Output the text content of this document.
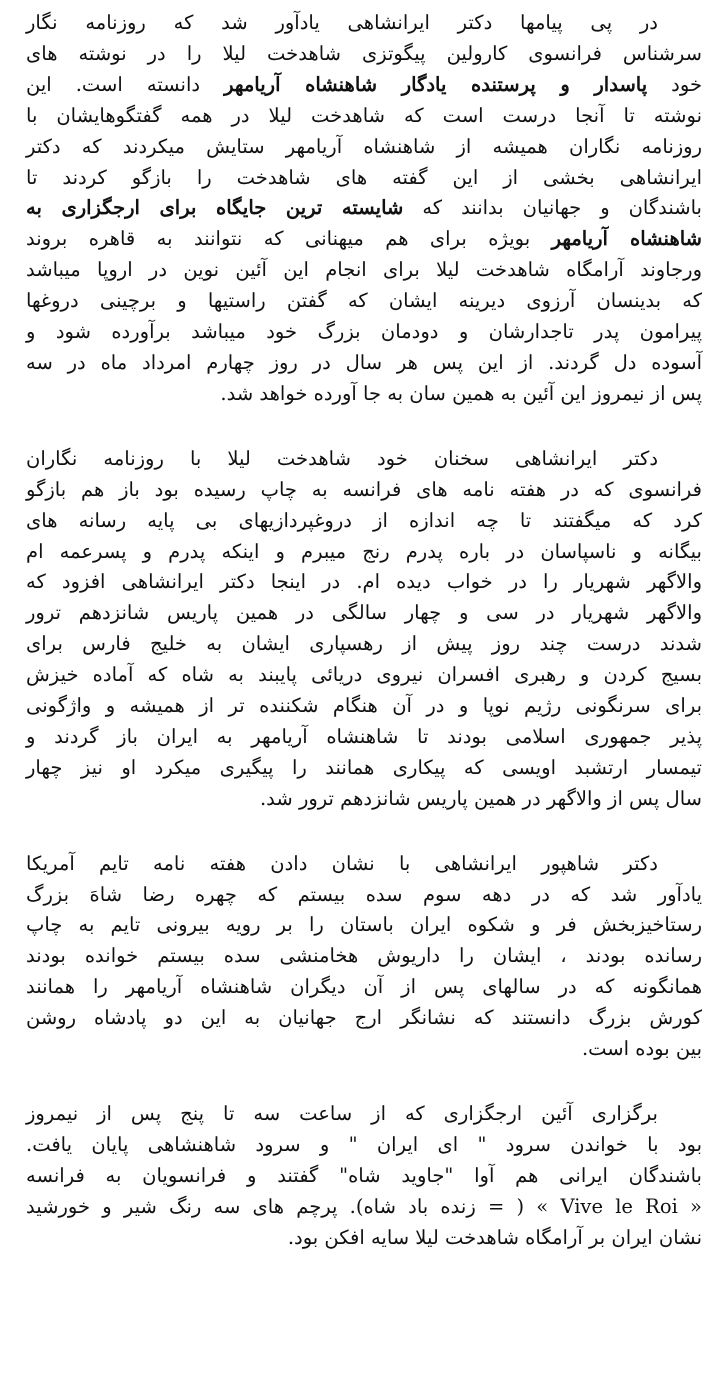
در پی پیامها دکتر ایرانشاهی یادآور شد که روزنامه نگار
سرشناس فرانسوی کارولین پیگوتزی شاهدخت لیلا را در نوشته های
خود پاسدار و پرستنده یادگار شاهنشاه آریامهر دانسته است. این
نوشته تا آنجا درست است که شاهدخت لیلا در همه گفتگوهایشان با
روزنامه نگاران همیشه از شاهنشاه آریامهر ستایش میکردند که دکتر
ایرانشاهی بخشی از این گفته های شاهدخت را بازگو کردند تا
باشندگان و جهانیان بدانند که شایسته ترین جایگاه برای ارجگزاری به
شاهنشاه آریامهر بویژه برای هم میهنانی که نتوانند به قاهره بروند
ورجاوند آرامگاه شاهدخت لیلا برای انجام این آئین نوین در اروپا میباشد
که بدینسان آرزوی دیرینه ایشان که گفتن راستیها و برچینی دروغها
پیرامون پدر تاجدارشان و دودمان بزرگ خود میباشد برآورده شود و
آسوده دل گردند. از این پس هر سال در روز چهارم امرداد ماه در سه
پس از نیمروز این آئین به همین سان به جا آورده خواهد شد.

دکتر ایرانشاهی سخنان خود شاهدخت لیلا با روزنامه نگاران
فرانسوی که در هفته نامه های فرانسه به چاپ رسیده بود باز هم بازگو
کرد که میگفتند تا چه اندازه از دروغپردازیهای بی پایه رسانه های
بیگانه و ناسپاسان در باره پدرم رنج میبرم و اینکه پدرم و پسرعمه ام
والاگهر شهریار را در خواب دیده ام. در اینجا دکتر ایرانشاهی افزود که
والاگهر شهریار در سی و چهار سالگی در همین پاریس شانزدهم ترور
شدند درست چند روز پیش از رهسپاری ایشان به خلیج فارس برای
بسیج کردن و رهبری افسران نیروی دریائی پایبند به شاه که آماده خیزش
برای سرنگونی رژیم نوپا و در آن هنگام شکننده تر از همیشه و واژگونی
پذیر جمهوری اسلامی بودند تا شاهنشاه آریامهر به ایران باز گردند و
تیمسار ارتشبد اویسی که پیکاری همانند را پیگیری میکرد او نیز چهار
سال پس از والاگهر در همین پاریس شانزدهم ترور شد.

دکتر شاهپور ایرانشاهی با نشان دادن هفته نامه تایم آمریکا
یادآور شد که در دهه سوم سده بیستم که چهره رضا شاهَ بزرگ
رستاخیزبخش فر و شکوه ایران باستان را بر رویه بیرونی تایم به چاپ
رسانده بودند ، ایشان را داریوش هخامنشی سده بیستم خوانده بودند
همانگونه که در سالهای پس از آن دیگران شاهنشاه آریامهر را همانند
کورش بزرگ دانستند که نشانگر ارج جهانیان به این دو پادشاه روشن
بین بوده است.

برگزاری آئین ارجگزاری که از ساعت سه تا پنج پس از نیمروز
بود با خواندن سرود " ای ایران " و سرود شاهنشاهی پایان یافت.
باشندگان ایرانی هم آوا "جاوید شاه" گفتند و فرانسویان به فرانسه
« Vive le Roi » ( = زنده باد شاه). پرچم های سه رنگ شیر و خورشید
نشان ایران بر آرامگاه شاهدخت لیلا سایه افکن بود.
